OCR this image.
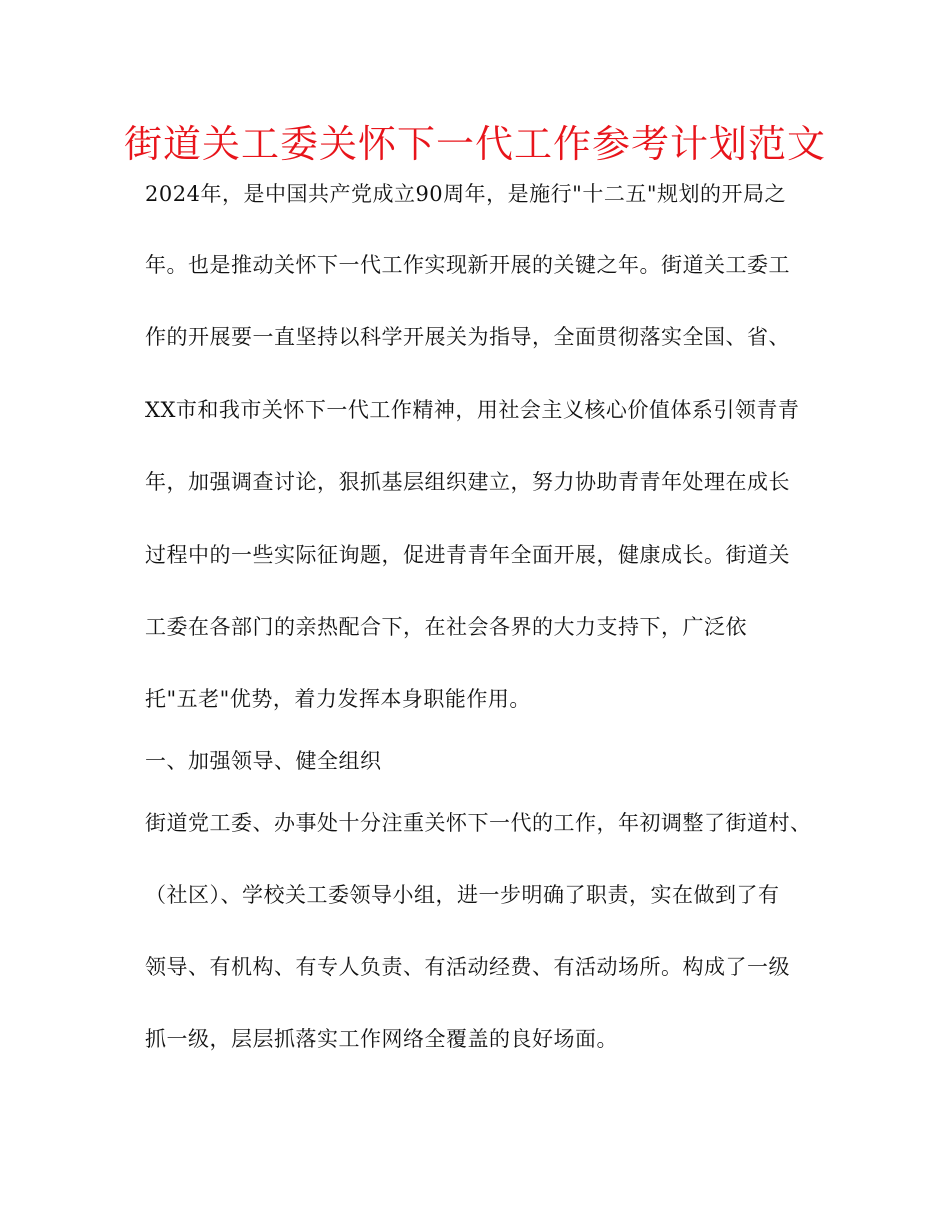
街道关工委关怀下一代工作参考计划范文
2024年，是中国共产党成立90周年，是施行"十二五"规划的开局之
年。也是推动关怀下一代工作实现新开展的关键之年。街道关工委工
作的开展要一直坚持以科学开展关为指导，全面贯彻落实全国、省、
XX市和我市关怀下一代工作精神，用社会主义核心价值体系引领青青
年，加强调查讨论，狠抓基层组织建立，努力协助青青年处理在成长
过程中的一些实际征询题，促进青青年全面开展，健康成长。街道关
工委在各部门的亲热配合下，在社会各界的大力支持下，广泛依
托"五老"优势，着力发挥本身职能作用。
一、加强领导、健全组织
街道党工委、办事处十分注重关怀下一代的工作，年初调整了街道村、
（社区）、学校关工委领导小组，进一步明确了职责，实在做到了有
领导、有机构、有专人负责、有活动经费、有活动场所。构成了一级
抓一级，层层抓落实工作网络全覆盖的良好场面。
